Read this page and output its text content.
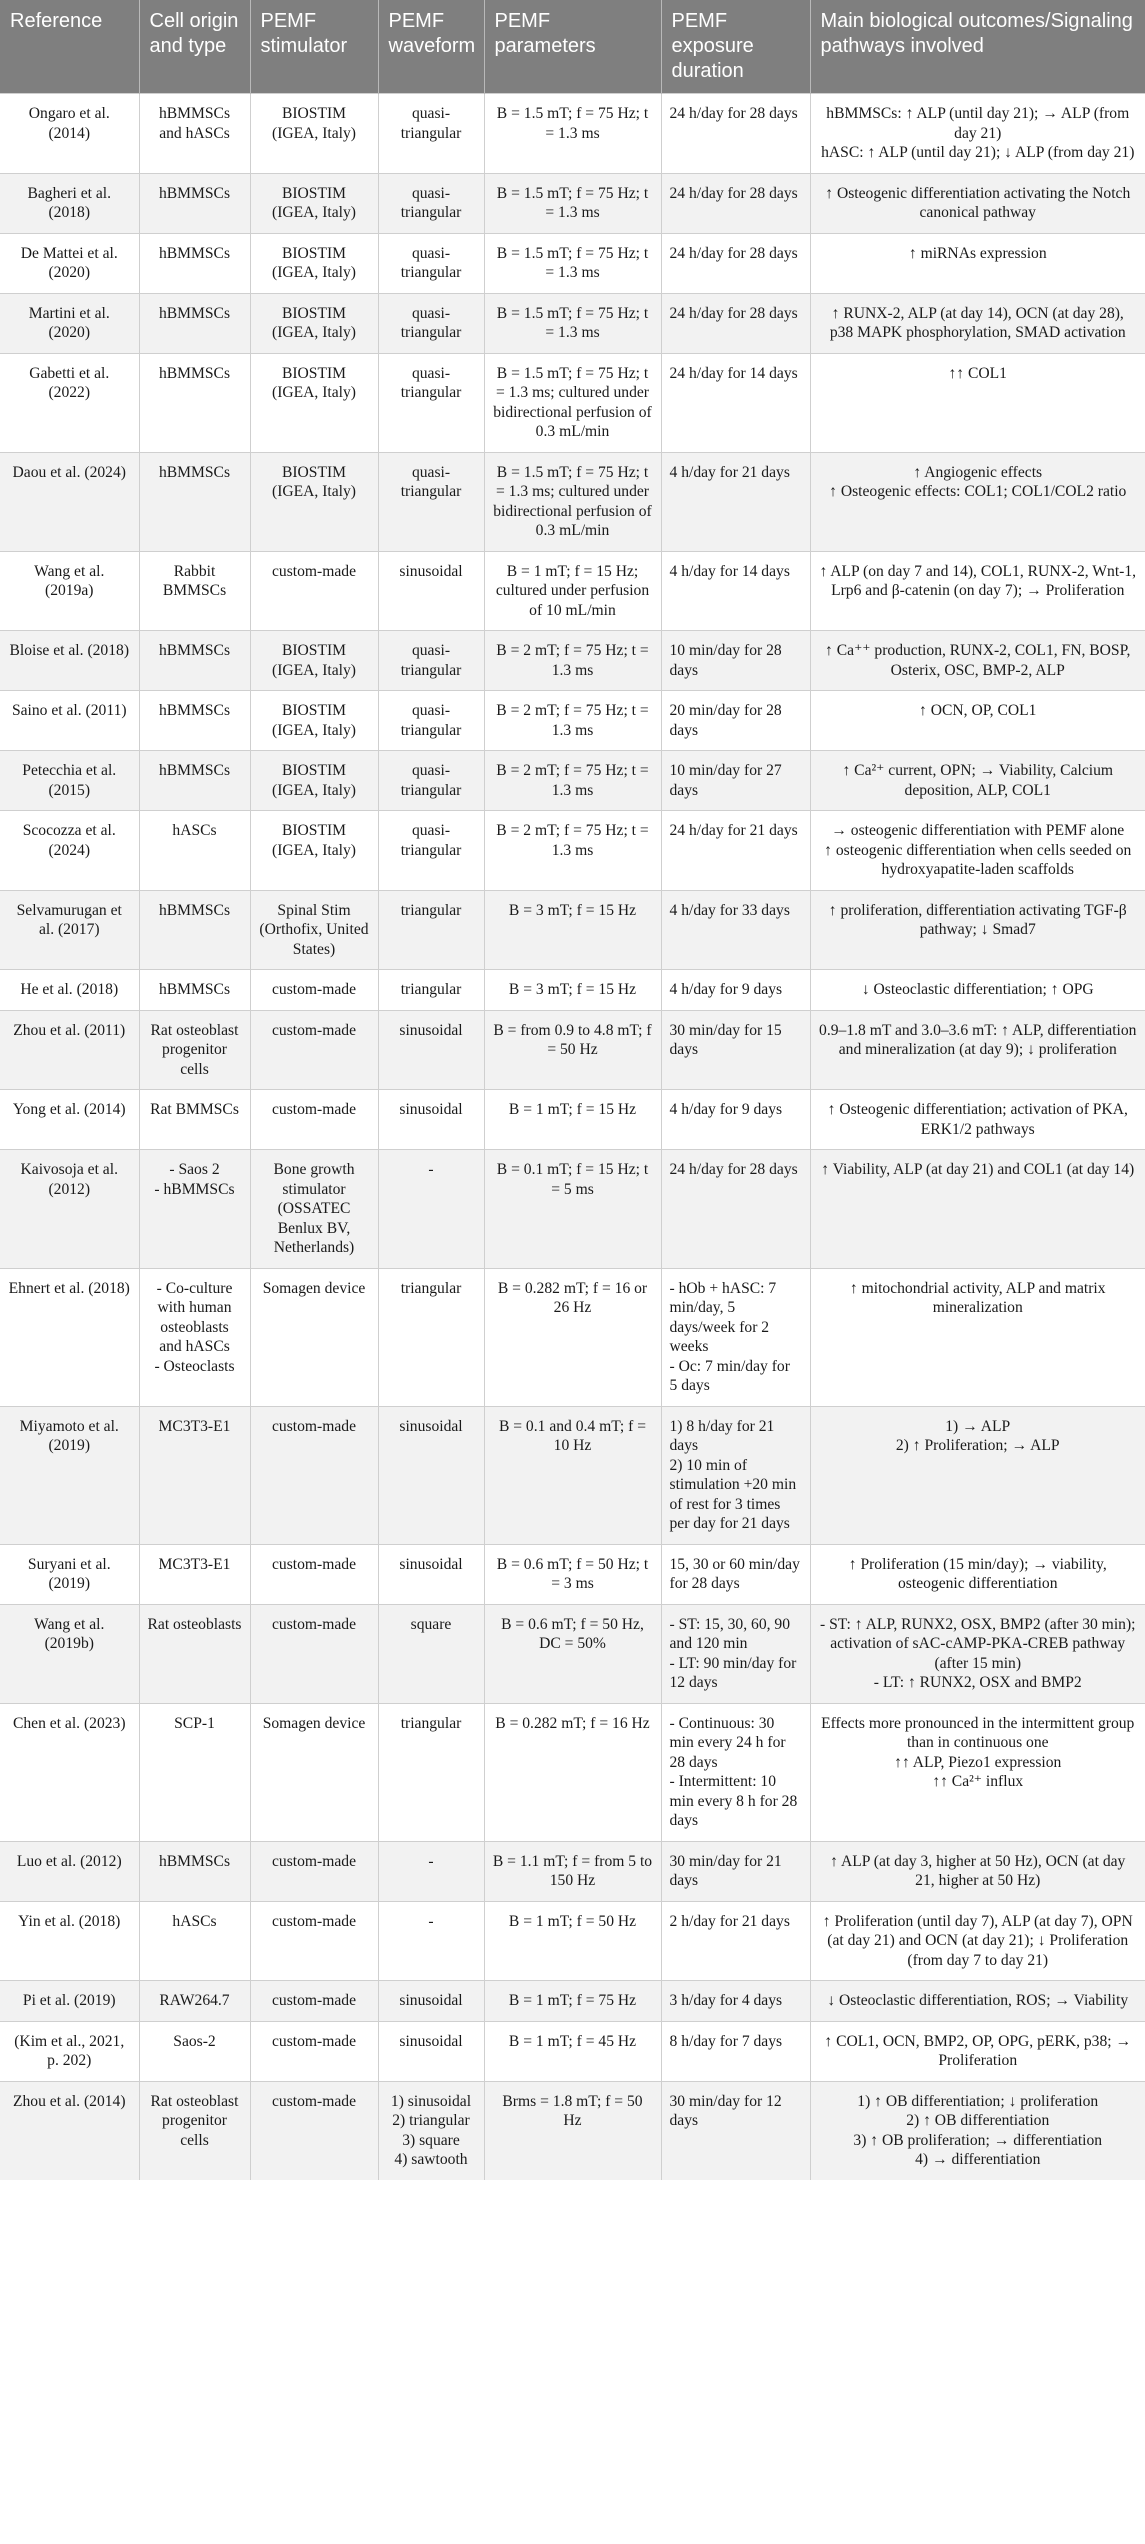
Reference	Cell origin and type	PEMF stimulator	PEMF waveform	PEMF parameters	PEMF exposure duration	Main biological outcomes/Signaling pathways involved
Ongaro et al. (2014)	hBMMSCs and hASCs	BIOSTIM (IGEA, Italy)	quasi-triangular	B = 1.5 mT; f = 75 Hz; t = 1.3 ms	24 h/day for 28 days	hBMMSCs: ↑ ALP (until day 21); → ALP (from day 21)
hASC: ↑ ALP (until day 21); ↓ ALP (from day 21)

Bagheri et al. (2018)	hBMMSCs	BIOSTIM (IGEA, Italy)	quasi-triangular	B = 1.5 mT; f = 75 Hz; t = 1.3 ms	24 h/day for 28 days	↑ Osteogenic differentiation activating the Notch canonical pathway

De Mattei et al. (2020)	hBMMSCs	BIOSTIM (IGEA, Italy)	quasi-triangular	B = 1.5 mT; f = 75 Hz; t = 1.3 ms	24 h/day for 28 days	↑ miRNAs expression

Martini et al. (2020)	hBMMSCs	BIOSTIM (IGEA, Italy)	quasi-triangular	B = 1.5 mT; f = 75 Hz; t = 1.3 ms	24 h/day for 28 days	↑ RUNX-2, ALP (at day 14), OCN (at day 28), p38 MAPK phosphorylation, SMAD activation

Gabetti et al. (2022)	hBMMSCs	BIOSTIM (IGEA, Italy)	quasi-triangular	B = 1.5 mT; f = 75 Hz; t = 1.3 ms; cultured under bidirectional perfusion of 0.3 mL/min	24 h/day for 14 days	↑↑ COL1

Daou et al. (2024)	hBMMSCs	BIOSTIM (IGEA, Italy)	quasi-triangular	B = 1.5 mT; f = 75 Hz; t = 1.3 ms; cultured under bidirectional perfusion of 0.3 mL/min	4 h/day for 21 days	↑ Angiogenic effects
↑ Osteogenic effects: COL1; COL1/COL2 ratio

Wang et al. (2019a)	Rabbit BMMSCs	custom-made	sinusoidal	B = 1 mT; f = 15 Hz; cultured under perfusion of 10 mL/min	4 h/day for 14 days	↑ ALP (on day 7 and 14), COL1, RUNX-2, Wnt-1, Lrp6 and β-catenin (on day 7); → Proliferation

Bloise et al. (2018)	hBMMSCs	BIOSTIM (IGEA, Italy)	quasi-triangular	B = 2 mT; f = 75 Hz; t = 1.3 ms	10 min/day for 28 days	↑ Ca⁺⁺ production, RUNX-2, COL1, FN, BOSP, Osterix, OSC, BMP-2, ALP

Saino et al. (2011)	hBMMSCs	BIOSTIM (IGEA, Italy)	quasi-triangular	B = 2 mT; f = 75 Hz; t = 1.3 ms	20 min/day for 28 days	↑ OCN, OP, COL1

Petecchia et al. (2015)	hBMMSCs	BIOSTIM (IGEA, Italy)	quasi-triangular	B = 2 mT; f = 75 Hz; t = 1.3 ms	10 min/day for 27 days	↑ Ca²⁺ current, OPN; → Viability, Calcium deposition, ALP, COL1

Scocozza et al. (2024)	hASCs	BIOSTIM (IGEA, Italy)	quasi-triangular	B = 2 mT; f = 75 Hz; t = 1.3 ms	24 h/day for 21 days	→ osteogenic differentiation with PEMF alone
↑ osteogenic differentiation when cells seeded on hydroxyapatite-laden scaffolds

Selvamurugan et al. (2017)	hBMMSCs	Spinal Stim (Orthofix, United States)	triangular	B = 3 mT; f = 15 Hz	4 h/day for 33 days	↑ proliferation, differentiation activating TGF-β pathway; ↓ Smad7

He et al. (2018)	hBMMSCs	custom-made	triangular	B = 3 mT; f = 15 Hz	4 h/day for 9 days	↓ Osteoclastic differentiation; ↑ OPG

Zhou et al. (2011)	Rat osteoblast progenitor cells	custom-made	sinusoidal	B = from 0.9 to 4.8 mT; f = 50 Hz	30 min/day for 15 days	0.9–1.8 mT and 3.0–3.6 mT: ↑ ALP, differentiation and mineralization (at day 9); ↓ proliferation

Yong et al. (2014)	Rat BMMSCs	custom-made	sinusoidal	B = 1 mT; f = 15 Hz	4 h/day for 9 days	↑ Osteogenic differentiation; activation of PKA, ERK1/2 pathways

Kaivosoja et al. (2012)	- Saos 2
- hBMMSCs	Bone growth stimulator (OSSATEC Benlux BV, Netherlands)	-	B = 0.1 mT; f = 15 Hz; t = 5 ms	24 h/day for 28 days	↑ Viability, ALP (at day 21) and COL1 (at day 14)

Ehnert et al. (2018)	- Co-culture with human osteoblasts and hASCs
- Osteoclasts	Somagen device	triangular	B = 0.282 mT; f = 16 or 26 Hz	- hOb + hASC: 7 min/day, 5 days/week for 2 weeks
- Oc: 7 min/day for 5 days	↑ mitochondrial activity, ALP and matrix mineralization

Miyamoto et al. (2019)	MC3T3-E1	custom-made	sinusoidal	B = 0.1 and 0.4 mT; f = 10 Hz	1) 8 h/day for 21 days
2) 10 min of stimulation +20 min of rest for 3 times per day for 21 days	1) → ALP
2) ↑ Proliferation; → ALP

Suryani et al. (2019)	MC3T3-E1	custom-made	sinusoidal	B = 0.6 mT; f = 50 Hz; t = 3 ms	15, 30 or 60 min/day for 28 days	↑ Proliferation (15 min/day); → viability, osteogenic differentiation

Wang et al. (2019b)	Rat osteoblasts	custom-made	square	B = 0.6 mT; f = 50 Hz, DC = 50%	- ST: 15, 30, 60, 90 and 120 min
- LT: 90 min/day for 12 days	- ST: ↑ ALP, RUNX2, OSX, BMP2 (after 30 min); activation of sAC-cAMP-PKA-CREB pathway (after 15 min)
- LT: ↑ RUNX2, OSX and BMP2

Chen et al. (2023)	SCP-1	Somagen device	triangular	B = 0.282 mT; f = 16 Hz	- Continuous: 30 min every 24 h for 28 days
- Intermittent: 10 min every 8 h for 28 days	Effects more pronounced in the intermittent group than in continuous one
↑↑ ALP, Piezo1 expression
↑↑ Ca²⁺ influx

Luo et al. (2012)	hBMMSCs	custom-made	-	B = 1.1 mT; f = from 5 to 150 Hz	30 min/day for 21 days	↑ ALP (at day 3, higher at 50 Hz), OCN (at day 21, higher at 50 Hz)

Yin et al. (2018)	hASCs	custom-made	-	B = 1 mT; f = 50 Hz	2 h/day for 21 days	↑ Proliferation (until day 7), ALP (at day 7), OPN (at day 21) and OCN (at day 21); ↓ Proliferation (from day 7 to day 21)

Pi et al. (2019)	RAW264.7	custom-made	sinusoidal	B = 1 mT; f = 75 Hz	3 h/day for 4 days	↓ Osteoclastic differentiation, ROS; → Viability

(Kim et al., 2021, p. 202)	Saos-2	custom-made	sinusoidal	B = 1 mT; f = 45 Hz	8 h/day for 7 days	↑ COL1, OCN, BMP2, OP, OPG, pERK, p38; → Proliferation

Zhou et al. (2014)	Rat osteoblast progenitor cells	custom-made	1) sinusoidal
2) triangular
3) square
4) sawtooth	Brms = 1.8 mT; f = 50 Hz	30 min/day for 12 days	1) ↑ OB differentiation; ↓ proliferation
2) ↑ OB differentiation
3) ↑ OB proliferation; → differentiation
4) → differentiation
